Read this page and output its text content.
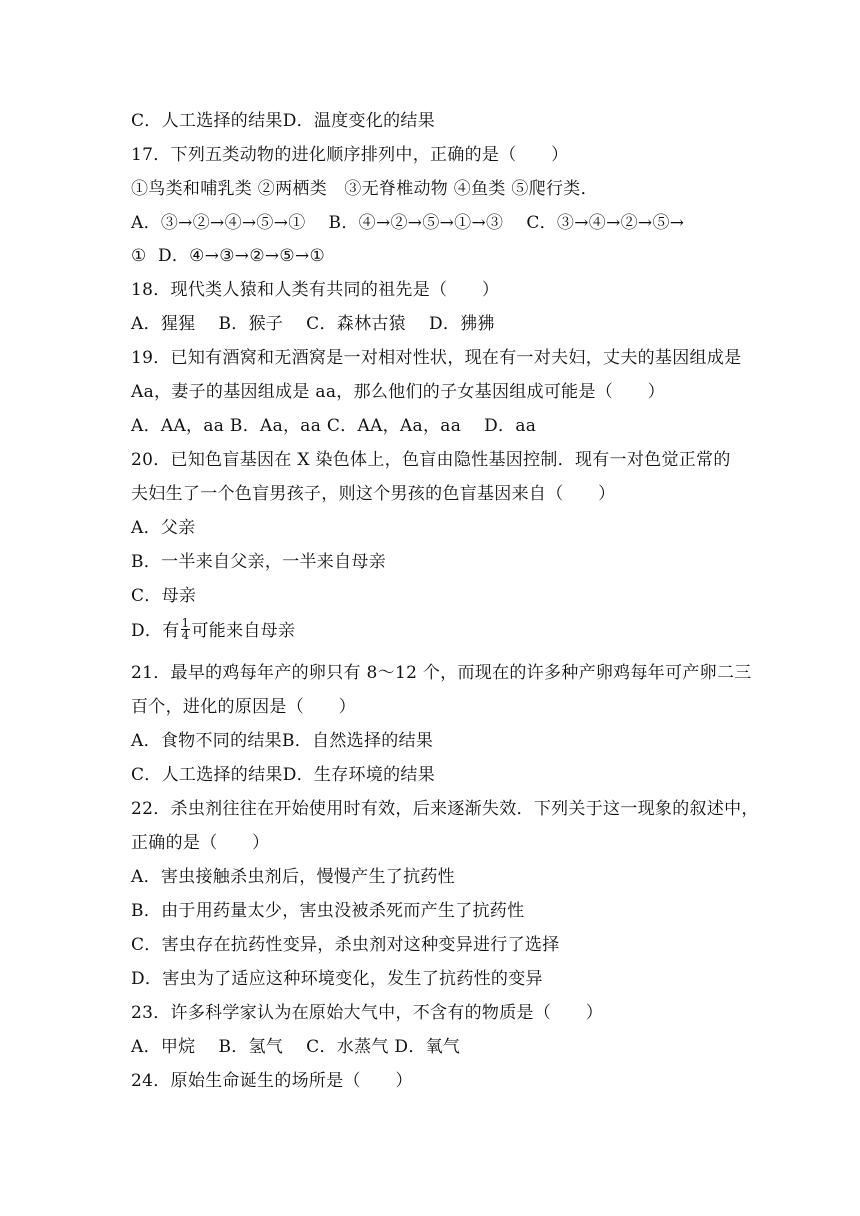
C．人工选择的结果D．温度变化的结果
17．下列五类动物的进化顺序排列中，正确的是（　　）
①鸟类和哺乳类 ②两栖类　③无脊椎动物 ④鱼类 ⑤爬行类．
A．③→②→④→⑤→①　 B．④→②→⑤→①→③　 C．③→④→②→⑤→
①  D．④→③→②→⑤→①
18．现代类人猿和人类有共同的祖先是（　　）
A．猩猩　 B．猴子　 C．森林古猿　 D．狒狒
19．已知有酒窝和无酒窝是一对相对性状，现在有一对夫妇，丈夫的基因组成是
Aa，妻子的基因组成是 aa，那么他们的子女基因组成可能是（　　）
A．AA，aa B．Aa，aa C．AA，Aa，aa　 D．aa
20．已知色盲基因在 X 染色体上，色盲由隐性基因控制．现有一对色觉正常的
夫妇生了一个色盲男孩子，则这个男孩的色盲基因来自（　　）
A．父亲
B．一半来自父亲，一半来自母亲
C．母亲
D．有 $\frac{1}{4}$ 可能来自母亲
21．最早的鸡每年产的卵只有 8～12 个，而现在的许多种产卵鸡每年可产卵二三
百个，进化的原因是（　　）
A．食物不同的结果B．自然选择的结果
C．人工选择的结果D．生存环境的结果
22．杀虫剂往往在开始使用时有效，后来逐渐失效．下列关于这一现象的叙述中，
正确的是（　　）
A．害虫接触杀虫剂后，慢慢产生了抗药性
B．由于用药量太少，害虫没被杀死而产生了抗药性
C．害虫存在抗药性变异，杀虫剂对这种变异进行了选择
D．害虫为了适应这种环境变化，发生了抗药性的变异
23．许多科学家认为在原始大气中，不含有的物质是（　　）
A．甲烷　 B．氢气　 C．水蒸气 D．氧气
24．原始生命诞生的场所是（　　）
